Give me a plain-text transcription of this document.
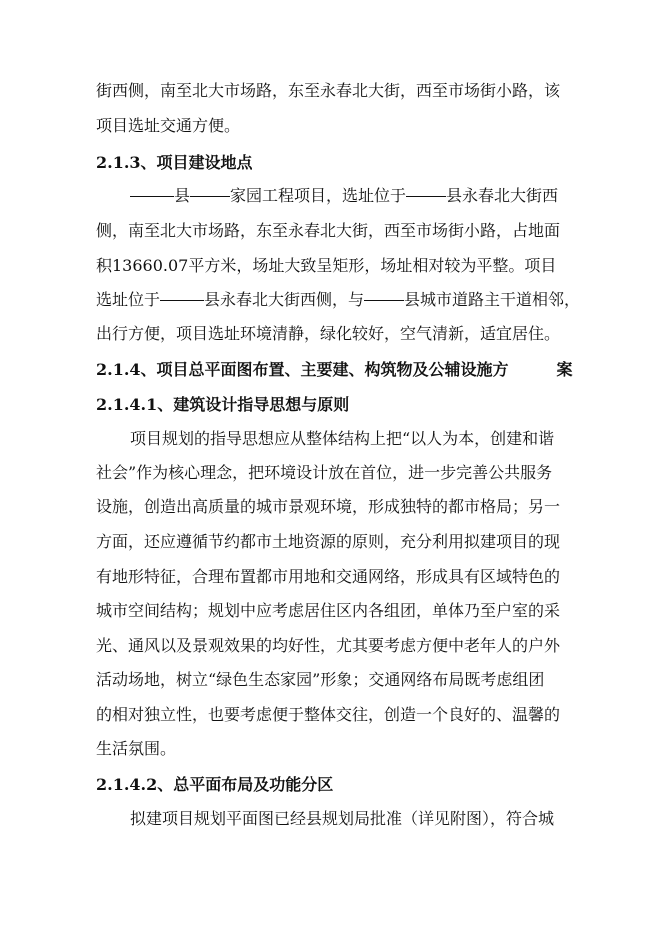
街西侧，南至北大市场路，东至永春北大街，西至市场街小路，该
项目选址交通方便。
2.1.3、项目建设地点
县	家园工程项目，选址位于	县永春北大街西
侧，南至北大市场路，东至永春北大街，西至市场街小路，占地面
积13660.07平方米，场址大致呈矩形，场址相对较为平整。项目
选址位于	县永春北大街西侧，与	县城市道路主干道相邻，
出行方便，项目选址环境清静，绿化较好，空气清新，适宜居住。
2.1.4、项目总平面图布置、主要建、构筑物及公辅设施方	案
2.1.4.1、建筑设计指导思想与原则
项目规划的指导思想应从整体结构上把“以人为本，创建和谐
社会”作为核心理念，把环境设计放在首位，进一步完善公共服务
设施，创造出高质量的城市景观环境，形成独特的都市格局；另一
方面，还应遵循节约都市土地资源的原则，充分利用拟建项目的现
有地形特征，合理布置都市用地和交通网络，形成具有区域特色的
城市空间结构；规划中应考虑居住区内各组团，单体乃至户室的采
光、通风以及景观效果的均好性，尤其要考虑方便中老年人的户外
活动场地，树立“绿色生态家园”形象；交通网络布局既考虑组团
的相对独立性，也要考虑便于整体交往，创造一个良好的、温馨的
生活氛围。
2.1.4.2、总平面布局及功能分区
拟建项目规划平面图已经县规划局批准（详见附图），符合城
